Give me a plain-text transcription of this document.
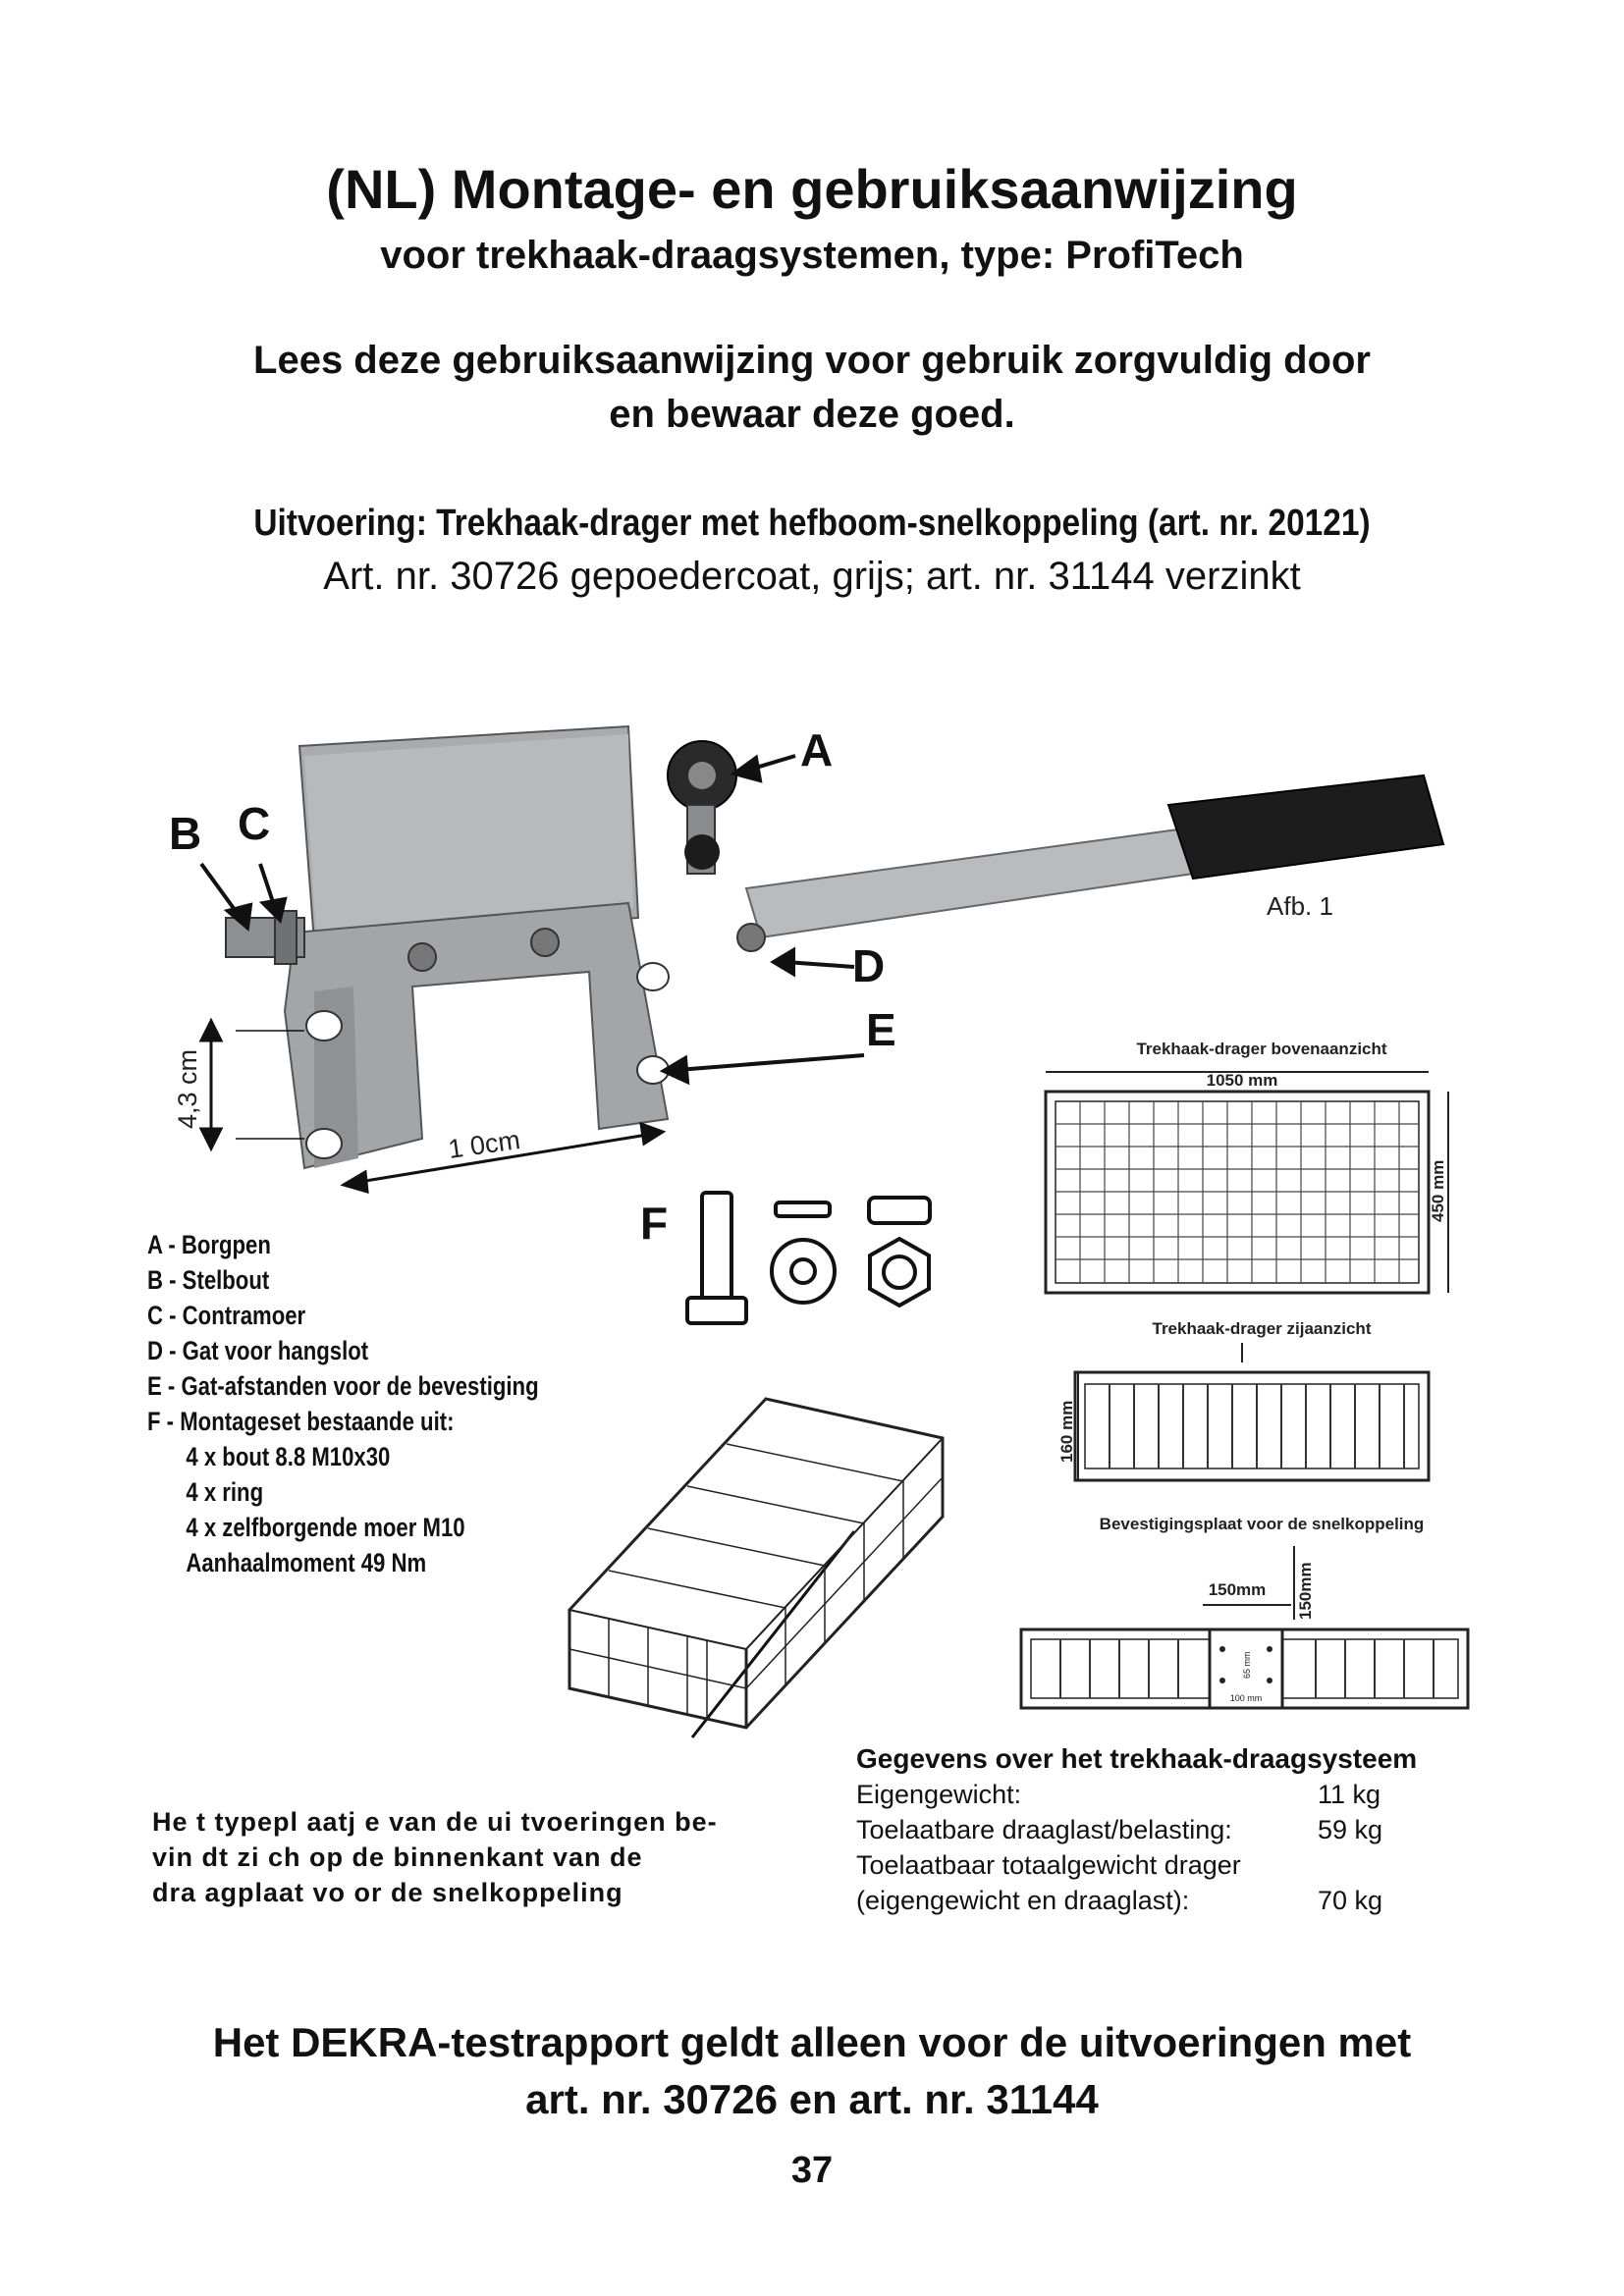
(NL) Montage- en gebruiksaanwijzing
voor trekhaak-draagsystemen, type: ProfiTech
Lees deze gebruiksaanwijzing voor gebruik zorgvuldig door
en bewaar deze goed.
Uitvoering: Trekhaak-drager met hefboom-snelkoppeling (art. nr. 20121)
Art. nr. 30726 gepoedercoat, grijs; art. nr. 31144 verzinkt
A
B C
D
E
F
Afb. 1
4,3 cm
1 0cm
Trekhaak-drager bovenaanzicht
1050 mm
450 mm
Trekhaak-drager zijaanzicht
160 mm
Bevestigingsplaat voor de snelkoppeling
150mm 150mm
100 mm
65 mm
A - Borgpen
B - Stelbout
C - Contramoer
D - Gat voor hangslot
E - Gat-afstanden voor de bevestiging
F - Montageset bestaande uit:
4 x bout 8.8 M10x30
4 x ring
4 x zelfborgende moer M10
Aanhaalmoment 49 Nm
He t typepl aatj e van de ui tvoeringen be-
vin dt zi ch op de binnenkant van de
dra agplaat vo or de snelkoppeling
Gegevens over het trekhaak-draagsysteem
Eigengewicht:	11 kg
Toelaatbare draaglast/belasting:	59 kg
Toelaatbaar totaalgewicht drager
(eigengewicht en draaglast):	70 kg
Het DEKRA-testrapport geldt alleen voor de uitvoeringen met
art. nr. 30726 en art. nr. 31144
37
